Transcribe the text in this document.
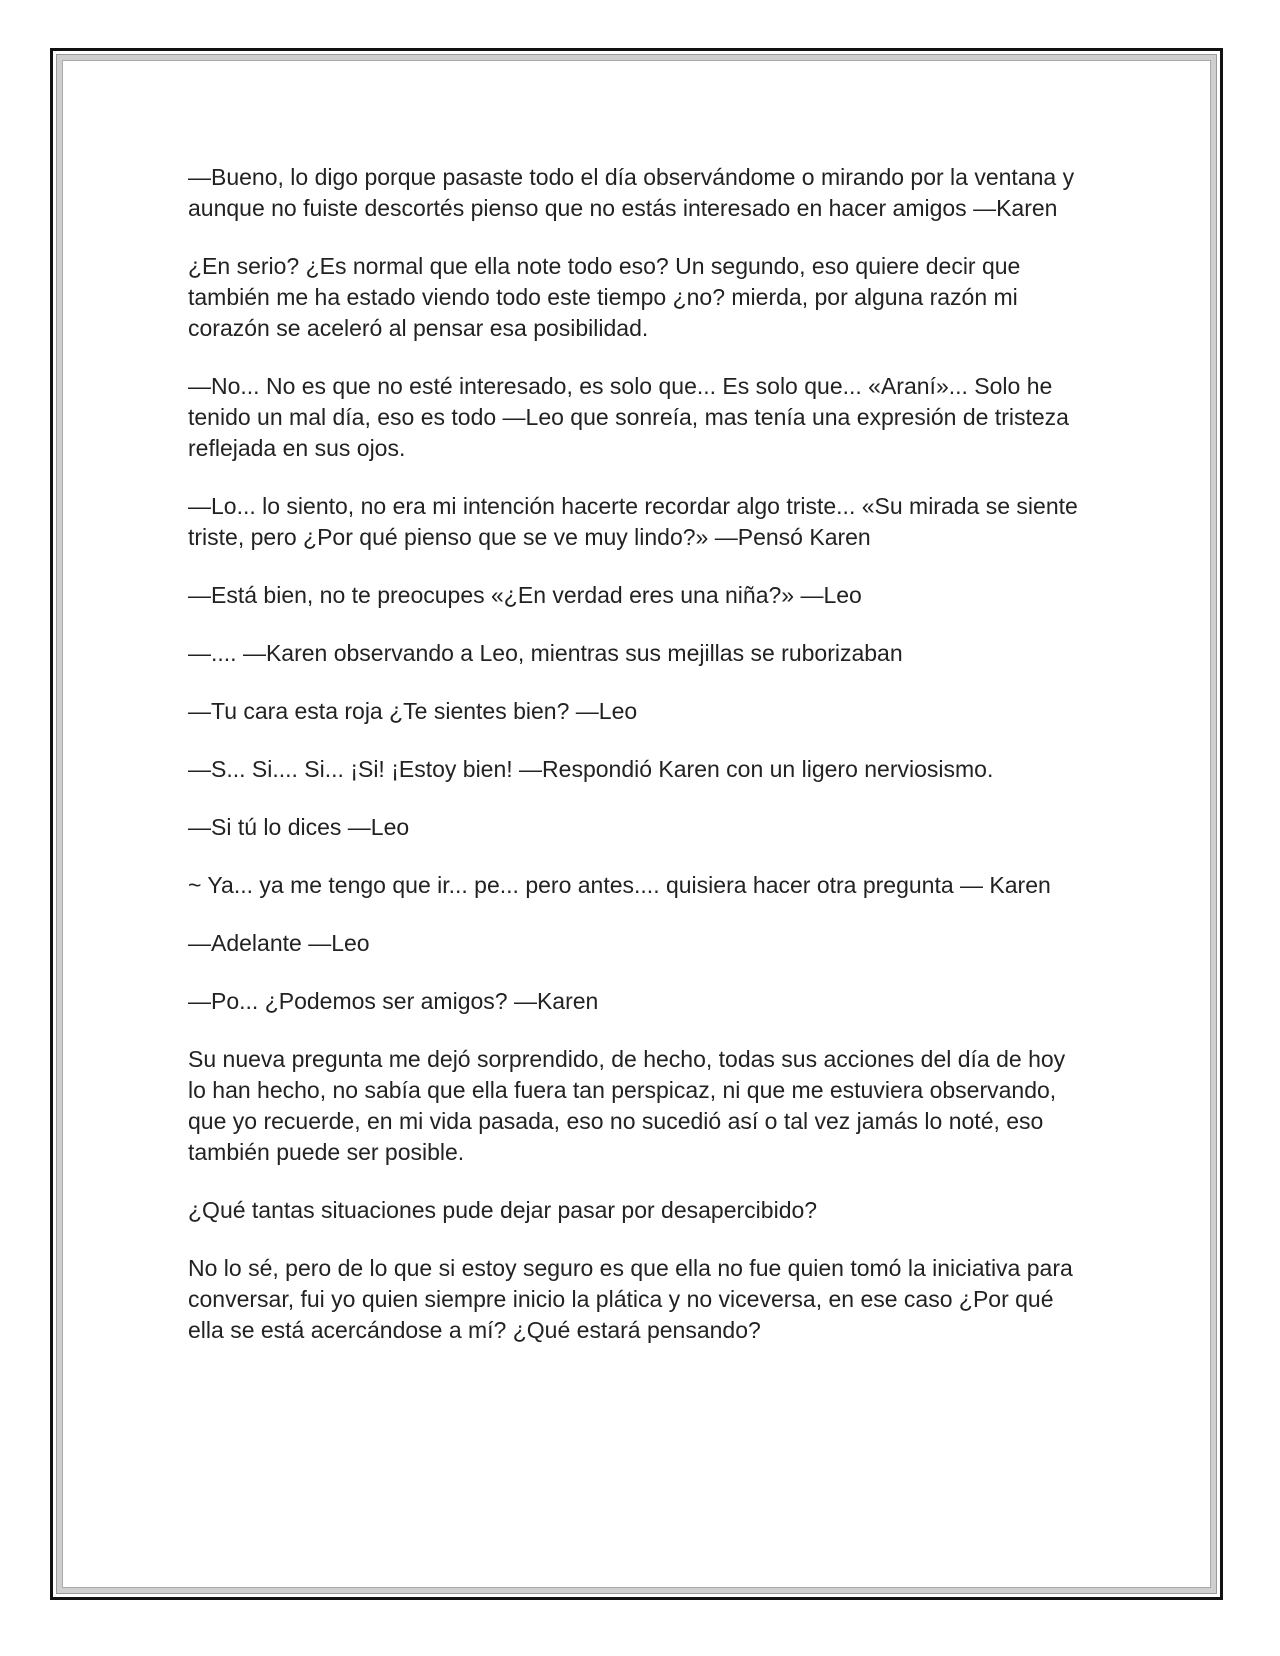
—Bueno, lo digo porque pasaste todo el día observándome o mirando por la ventana y aunque no fuiste descortés pienso que no estás interesado en hacer amigos —Karen

¿En serio? ¿Es normal que ella note todo eso? Un segundo, eso quiere decir que también me ha estado viendo todo este tiempo ¿no? mierda, por alguna razón mi corazón se aceleró al pensar esa posibilidad.

—No... No es que no esté interesado, es solo que... Es solo que... «Araní»... Solo he tenido un mal día, eso es todo —Leo que sonreía, mas tenía una expresión de tristeza reflejada en sus ojos.

—Lo... lo siento, no era mi intención hacerte recordar algo triste... «Su mirada se siente triste, pero ¿Por qué pienso que se ve muy lindo?» —Pensó Karen

—Está bien, no te preocupes «¿En verdad eres una niña?» —Leo

—.... —Karen observando a Leo, mientras sus mejillas se ruborizaban

—Tu cara esta roja ¿Te sientes bien? —Leo

—S... Si.... Si... ¡Si! ¡Estoy bien! —Respondió Karen con un ligero nerviosismo.

—Si tú lo dices —Leo

~ Ya... ya me tengo que ir... pe... pero antes.... quisiera hacer otra pregunta — Karen

—Adelante —Leo

—Po... ¿Podemos ser amigos? —Karen

Su nueva pregunta me dejó sorprendido, de hecho, todas sus acciones del día de hoy lo han hecho, no sabía que ella fuera tan perspicaz, ni que me estuviera observando, que yo recuerde, en mi vida pasada, eso no sucedió así o tal vez jamás lo noté, eso también puede ser posible.

¿Qué tantas situaciones pude dejar pasar por desapercibido?

No lo sé, pero de lo que si estoy seguro es que ella no fue quien tomó la iniciativa para conversar, fui yo quien siempre inicio la plática y no viceversa, en ese caso ¿Por qué ella se está acercándose a mí? ¿Qué estará pensando?
